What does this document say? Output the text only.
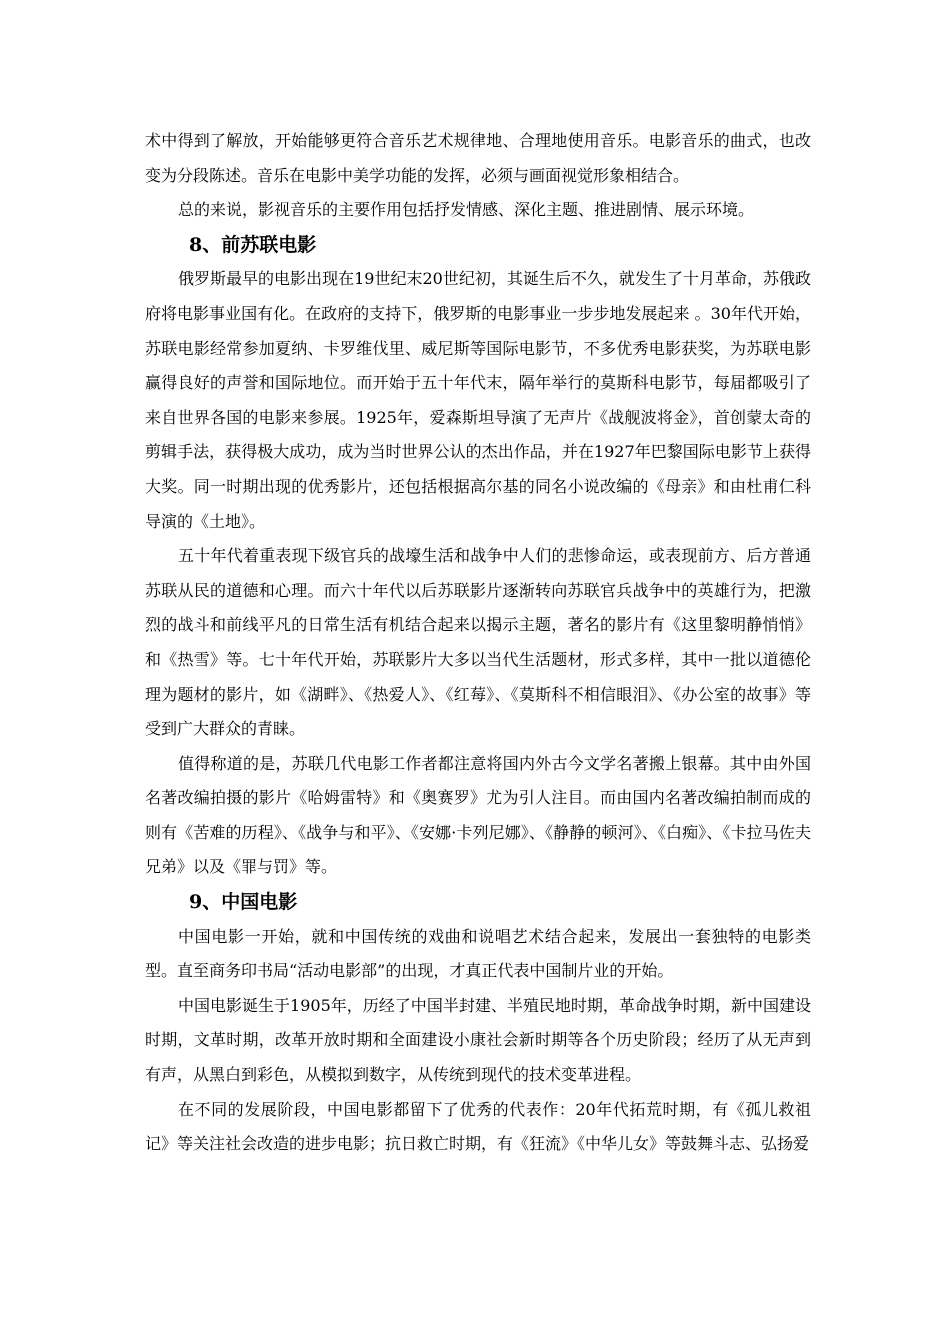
术中得到了解放，开始能够更符合音乐艺术规律地、合理地使用音乐。电影音乐的曲式，也改变为分段陈述。音乐在电影中美学功能的发挥，必须与画面视觉形象相结合。

总的来说，影视音乐的主要作用包括抒发情感、深化主题、推进剧情、展示环境。

8、前苏联电影

俄罗斯最早的电影出现在19世纪末20世纪初，其诞生后不久，就发生了十月革命，苏俄政府将电影事业国有化。在政府的支持下，俄罗斯的电影事业一步步地发展起来 。30年代开始，苏联电影经常参加夏纳、卡罗维伐里、威尼斯等国际电影节，不多优秀电影获奖，为苏联电影赢得良好的声誉和国际地位。而开始于五十年代末，隔年举行的莫斯科电影节，每届都吸引了来自世界各国的电影来参展。1925年，爱森斯坦导演了无声片《战舰波将金》，首创蒙太奇的剪辑手法，获得极大成功，成为当时世界公认的杰出作品，并在1927年巴黎国际电影节上获得大奖。同一时期出现的优秀影片，还包括根据高尔基的同名小说改编的《母亲》和由杜甫仁科导演的《土地》。

五十年代着重表现下级官兵的战壕生活和战争中人们的悲惨命运，或表现前方、后方普通苏联从民的道德和心理。而六十年代以后苏联影片逐渐转向苏联官兵战争中的英雄行为，把激烈的战斗和前线平凡的日常生活有机结合起来以揭示主题，著名的影片有《这里黎明静悄悄》和《热雪》等。七十年代开始，苏联影片大多以当代生活题材，形式多样，其中一批以道德伦理为题材的影片，如《湖畔》、《热爱人》、《红莓》、《莫斯科不相信眼泪》、《办公室的故事》等受到广大群众的青睐。

值得称道的是，苏联几代电影工作者都注意将国内外古今文学名著搬上银幕。其中由外国名著改编拍摄的影片《哈姆雷特》和《奥赛罗》尤为引人注目。而由国内名著改编拍制而成的则有《苦难的历程》、《战争与和平》、《安娜·卡列尼娜》、《静静的顿河》、《白痴》、《卡拉马佐夫兄弟》以及《罪与罚》等。

9、中国电影

中国电影一开始，就和中国传统的戏曲和说唱艺术结合起来，发展出一套独特的电影类型。直至商务印书局“活动电影部”的出现，才真正代表中国制片业的开始。

中国电影诞生于1905年，历经了中国半封建、半殖民地时期，革命战争时期，新中国建设时期，文革时期，改革开放时期和全面建设小康社会新时期等各个历史阶段；经历了从无声到有声，从黑白到彩色，从模拟到数字，从传统到现代的技术变革进程。

在不同的发展阶段，中国电影都留下了优秀的代表作：20年代拓荒时期，有《孤儿救祖记》等关注社会改造的进步电影；抗日救亡时期，有《狂流》《中华儿女》等鼓舞斗志、弘扬爱
